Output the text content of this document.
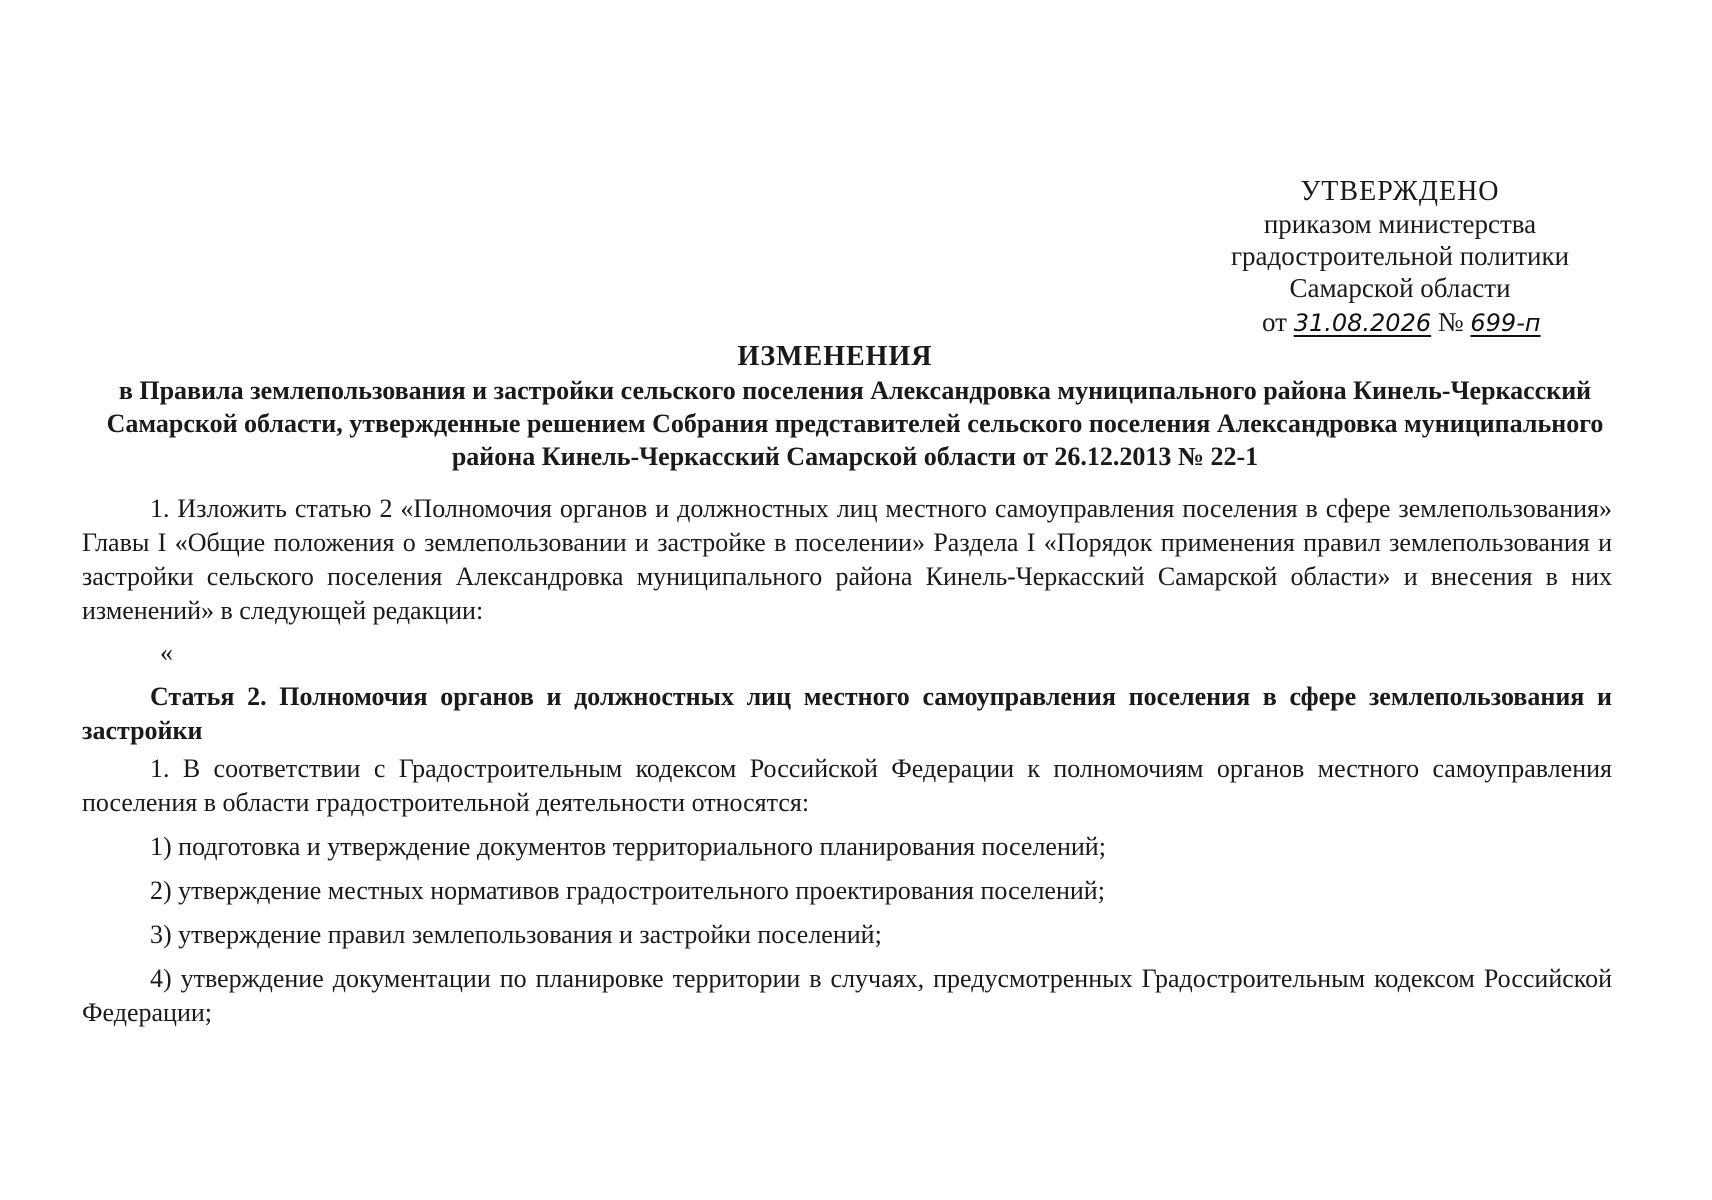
УТВЕРЖДЕНО
приказом министерства
градостроительной политики
Самарской области
от 31.08.2026 № 699-п
ИЗМЕНЕНИЯ
в Правила землепользования и застройки сельского поселения Александровка муниципального района Кинель-Черкасский Самарской области, утвержденные решением Собрания представителей сельского поселения Александровка муниципального района Кинель-Черкасский Самарской области от 26.12.2013 № 22-1

1. Изложить статью 2 «Полномочия органов и должностных лиц местного самоуправления поселения в сфере землепользования» Главы I «Общие положения о землепользовании и застройке в поселении» Раздела I «Порядок применения правил землепользования и застройки сельского поселения Александровка муниципального района Кинель-Черкасский Самарской области» и внесения в них изменений» в следующей редакции:

«

Статья 2. Полномочия органов и должностных лиц местного самоуправления поселения в сфере землепользования и застройки

1. В соответствии с Градостроительным кодексом Российской Федерации к полномочиям органов местного самоуправления поселения в области градостроительной деятельности относятся:

1) подготовка и утверждение документов территориального планирования поселений;

2) утверждение местных нормативов градостроительного проектирования поселений;

3) утверждение правил землепользования и застройки поселений;

4) утверждение документации по планировке территории в случаях, предусмотренных Градостроительным кодексом Российской Федерации;
